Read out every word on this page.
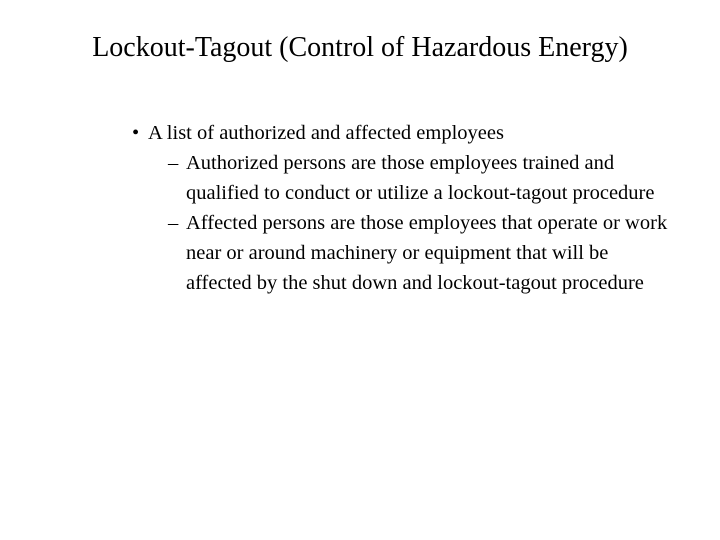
Lockout-Tagout (Control of Hazardous Energy)
• A list of authorized and affected employees
– Authorized persons are those employees trained and qualified to conduct or utilize a lockout-tagout procedure
– Affected persons are those employees that operate or work near or around machinery or equipment that will be affected by the shut down and lockout-tagout procedure
